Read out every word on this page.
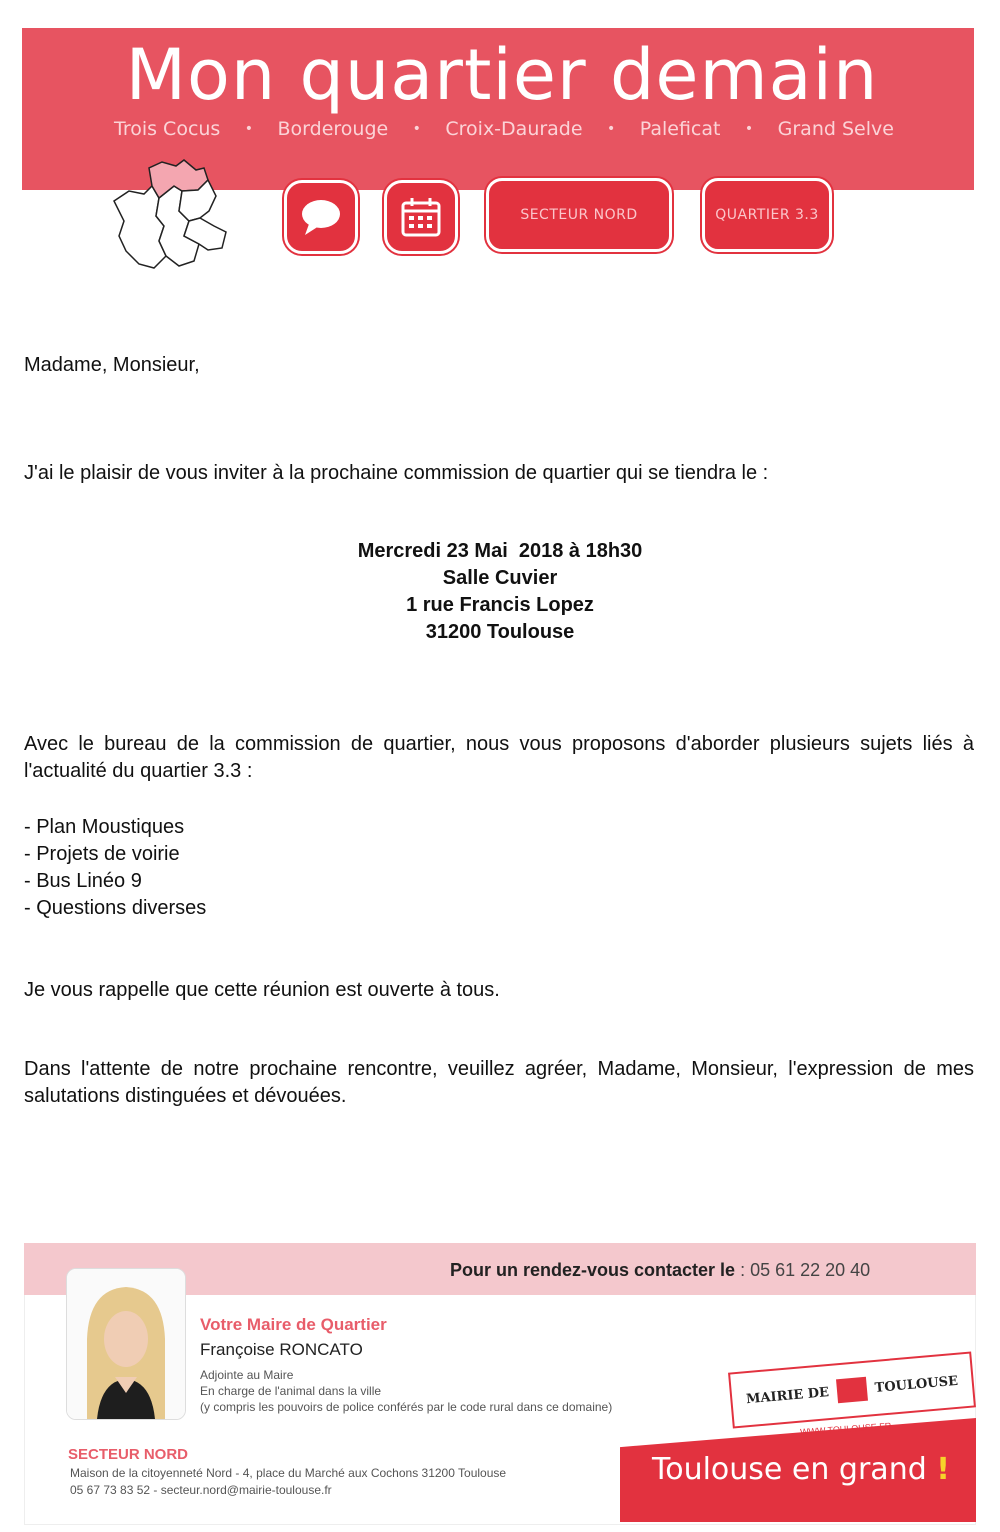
Mon quartier demain
Trois Cocus • Borderouge • Croix-Daurade • Paleficat • Grand Selve
SECTEUR NORD	QUARTIER 3.3
Madame, Monsieur,
J'ai le plaisir de vous inviter à la prochaine commission de quartier qui se tiendra le :
Mercredi 23 Mai  2018 à 18h30
Salle Cuvier
1 rue Francis Lopez
31200 Toulouse
Avec le bureau de la commission de quartier, nous vous proposons d'aborder plusieurs sujets liés à l'actualité du quartier 3.3 :
- Plan Moustiques
- Projets de voirie
- Bus Linéo 9
- Questions diverses
Je vous rappelle que cette réunion est ouverte à tous.
Dans l'attente de notre prochaine rencontre, veuillez agréer, Madame, Monsieur, l'expression de mes salutations distinguées et dévouées.
Pour un rendez-vous contacter le : 05 61 22 20 40
Votre Maire de Quartier
Françoise RONCATO
Adjointe au Maire
En charge de l'animal dans la ville
(y compris les pouvoirs de police conférés par le code rural dans ce domaine)
SECTEUR NORD
Maison de la citoyenneté Nord - 4, place du Marché aux Cochons 31200 Toulouse
05 67 73 83 52 - secteur.nord@mairie-toulouse.fr
MAIRIE DE
TOULOUSE
WWW.TOULOUSE.FR
Toulouse en grand !
